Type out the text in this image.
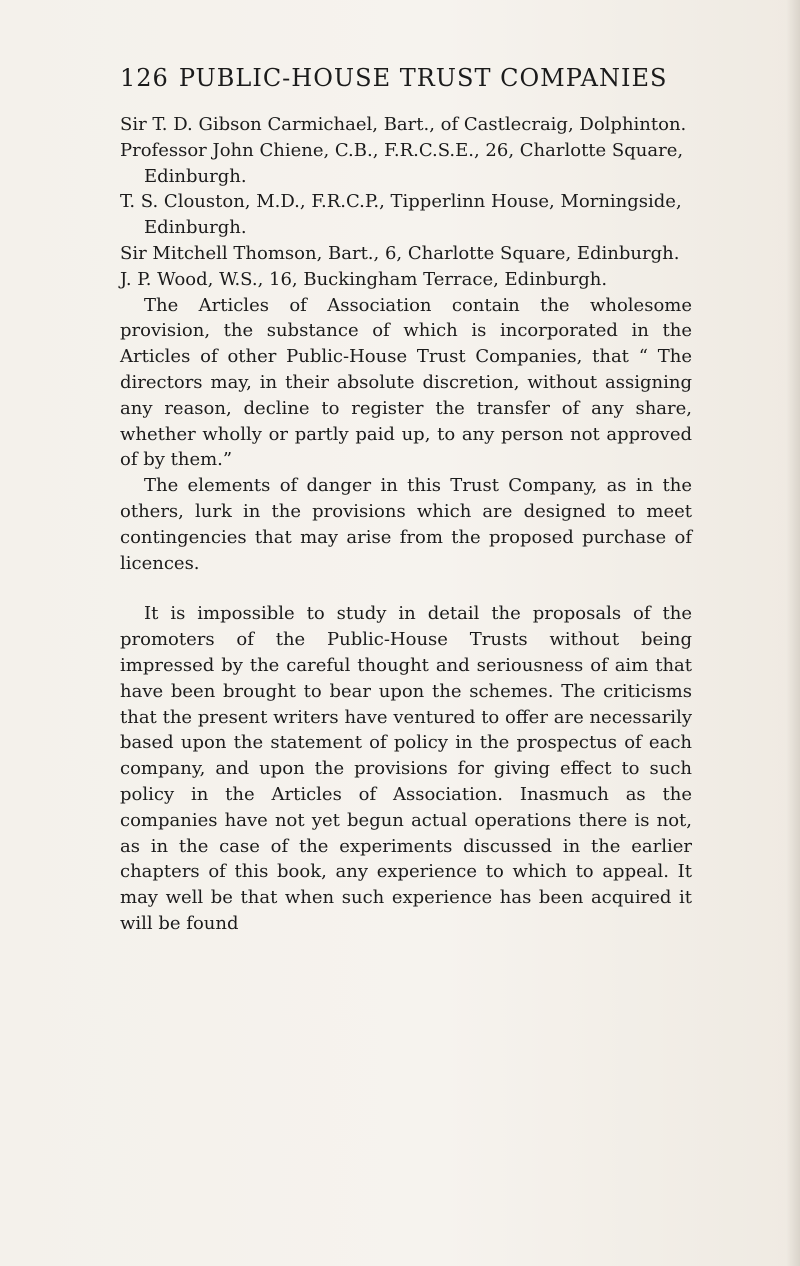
126 PUBLIC-HOUSE TRUST COMPANIES

Sir T. D. Gibson Carmichael, Bart., of Castlecraig, Dolphinton.

Professor John Chiene, C.B., F.R.C.S.E., 26, Charlotte Square, Edinburgh.

T. S. Clouston, M.D., F.R.C.P., Tipperlinn House, Morningside, Edinburgh.

Sir Mitchell Thomson, Bart., 6, Charlotte Square, Edinburgh.

J. P. Wood, W.S., 16, Buckingham Terrace, Edinburgh.

The Articles of Association contain the wholesome provision, the substance of which is incorporated in the Articles of other Public-House Trust Companies, that “ The directors may, in their absolute discretion, without assigning any reason, decline to register the transfer of any share, whether wholly or partly paid up, to any person not approved of by them.”

The elements of danger in this Trust Company, as in the others, lurk in the provisions which are designed to meet contingencies that may arise from the proposed purchase of licences.

It is impossible to study in detail the proposals of the promoters of the Public-House Trusts without being impressed by the careful thought and seriousness of aim that have been brought to bear upon the schemes. The criticisms that the present writers have ventured to offer are necessarily based upon the statement of policy in the prospectus of each company, and upon the provisions for giving effect to such policy in the Articles of Association. Inasmuch as the companies have not yet begun actual operations there is not, as in the case of the experiments discussed in the earlier chapters of this book, any experience to which to appeal. It may well be that when such experience has been acquired it will be found
